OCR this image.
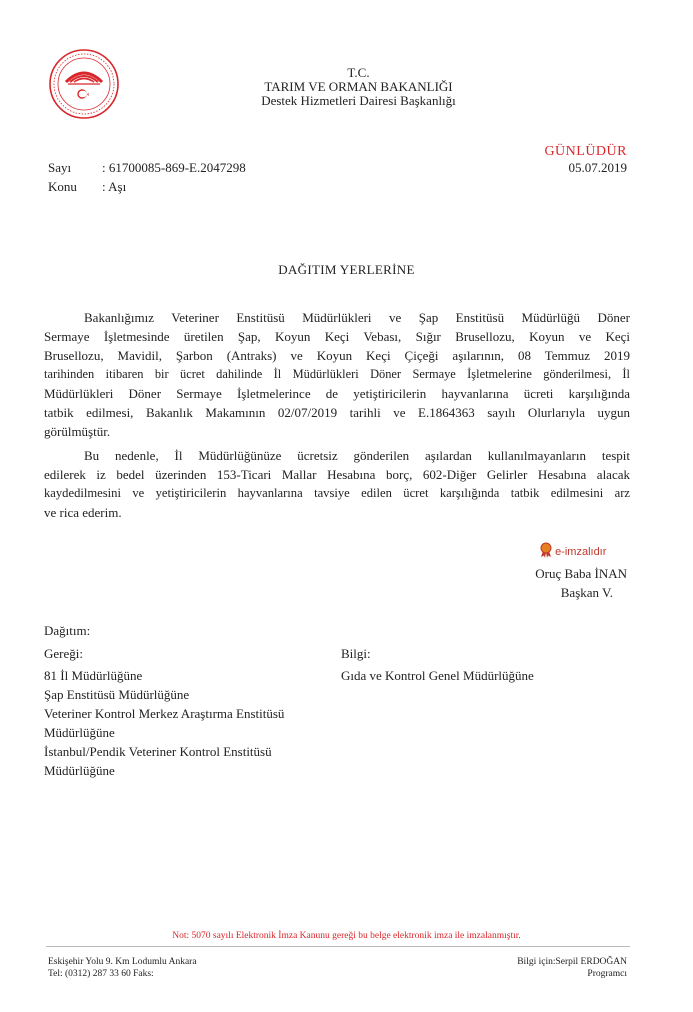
T.C.
TARIM VE ORMAN BAKANLIĞI
Destek Hizmetleri Dairesi Başkanlığı
GÜNLÜDÜR
05.07.2019
Sayı : 61700085-869-E.2047298
Konu : Aşı
DAĞITIM YERLERİNE
Bakanlığımız Veteriner Enstitüsü Müdürlükleri ve Şap Enstitüsü Müdürlüğü Döner
Sermaye İşletmesinde üretilen Şap, Koyun Keçi Vebası, Sığır Brusellozu, Koyun ve Keçi
Brusellozu, Mavidil, Şarbon (Antraks) ve Koyun Keçi Çiçeği aşılarının, 08 Temmuz 2019
tarihinden itibaren bir ücret dahilinde İl Müdürlükleri Döner Sermaye İşletmelerine gönderilmesi, İl
Müdürlükleri Döner Sermaye İşletmelerince de yetiştiricilerin hayvanlarına ücreti karşılığında
tatbik edilmesi, Bakanlık Makamının 02/07/2019 tarihli ve E.1864363 sayılı Olurlarıyla uygun
görülmüştür.
Bu nedenle, İl Müdürlüğünüze ücretsiz gönderilen aşılardan kullanılmayanların tespit
edilerek iz bedel üzerinden 153-Ticari Mallar Hesabına borç, 602-Diğer Gelirler Hesabına alacak
kaydedilmesini ve yetiştiricilerin hayvanlarına tavsiye edilen ücret karşılığında tatbik edilmesini arz
ve rica ederim.
e-imzalıdır
Oruç Baba İNAN
Başkan V.
Dağıtım:
Gereği:
81 İl Müdürlüğüne
Şap Enstitüsü Müdürlüğüne
Veteriner Kontrol Merkez Araştırma Enstitüsü
Müdürlüğüne
İstanbul/Pendik Veteriner Kontrol Enstitüsü
Müdürlüğüne
Bilgi:
Gıda ve Kontrol Genel Müdürlüğüne
Not: 5070 sayılı Elektronik İmza Kanunu gereği bu belge elektronik imza ile imzalanmıştır.
Eskişehir Yolu 9. Km Lodumlu Ankara
Tel: (0312) 287 33 60 Faks:
Bilgi için:Serpil ERDOĞAN
Programcı
